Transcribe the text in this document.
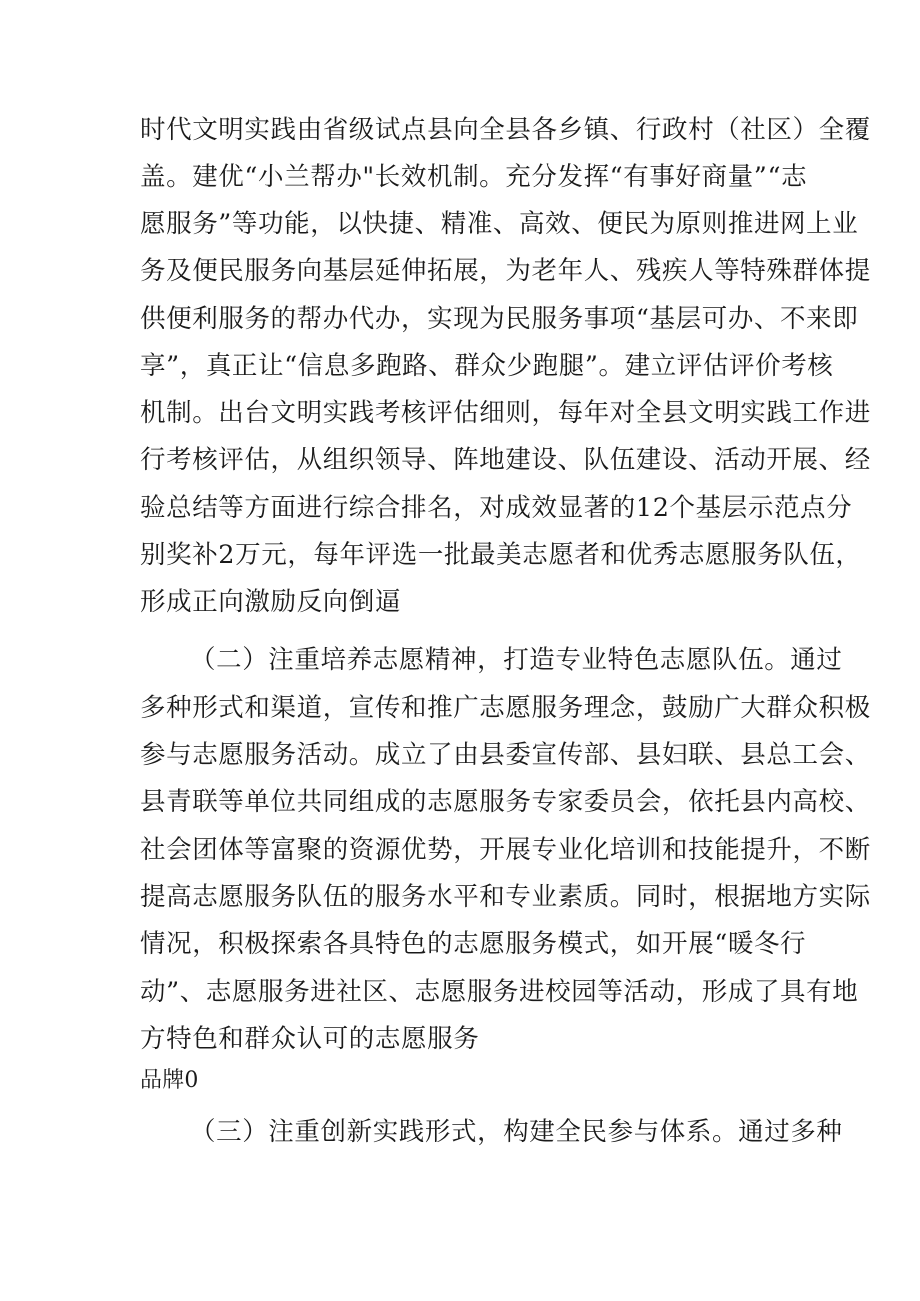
时代文明实践由省级试点县向全县各乡镇、行政村（社区）全覆
盖。建优“小兰帮办"长效机制。充分发挥“有事好商量”“志
愿服务”等功能，以快捷、精准、高效、便民为原则推进网上业
务及便民服务向基层延伸拓展，为老年人、残疾人等特殊群体提
供便利服务的帮办代办，实现为民服务事项“基层可办、不来即
享”，真正让“信息多跑路、群众少跑腿”。建立评估评价考核
机制。出台文明实践考核评估细则，每年对全县文明实践工作进
行考核评估，从组织领导、阵地建设、队伍建设、活动开展、经
验总结等方面进行综合排名，对成效显著的12个基层示范点分
别奖补2万元，每年评选一批最美志愿者和优秀志愿服务队伍，
形成正向激励反向倒逼
（二）注重培养志愿精神，打造专业特色志愿队伍。通过
多种形式和渠道，宣传和推广志愿服务理念，鼓励广大群众积极
参与志愿服务活动。成立了由县委宣传部、县妇联、县总工会、
县青联等单位共同组成的志愿服务专家委员会，依托县内高校、
社会团体等富聚的资源优势，开展专业化培训和技能提升，不断
提高志愿服务队伍的服务水平和专业素质。同时，根据地方实际
情况，积极探索各具特色的志愿服务模式，如开展“暖冬行
动”、志愿服务进社区、志愿服务进校园等活动，形成了具有地
方特色和群众认可的志愿服务
品牌0
（三）注重创新实践形式，构建全民参与体系。通过多种
